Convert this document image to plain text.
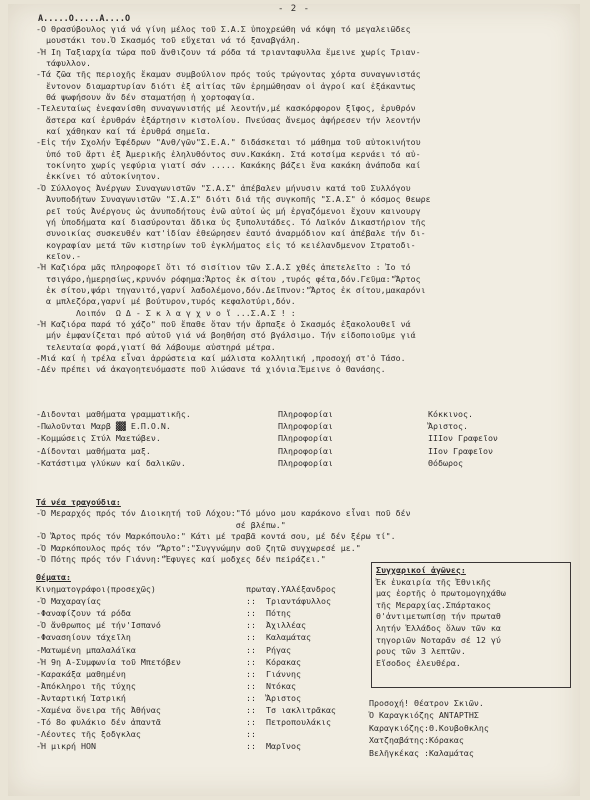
- 2 -
Α.....Ο.....Α....Ο

-Ο Θρασύβουλος γιά νά γίνη μέλος τοῦ Σ.Α.Σ ὑποχρεώθη νά κόψη τό μεγαλειῶδες

μουστάκι του.Ὁ Σκασμός τοῦ εὔχεται νά τό ξαναβγάλη.

-Ἡ Ιη Ταξιαρχία τώρα ποῦ ἄνθιζουν τά ρόδα τά τριανταφυλλα ἔμεινε χωρίς Τριαν-

τάφυλλον.

-Τά ζῶα τῆς περιοχῆς ἔκαμαν συμβούλιον πρός τούς τρώγοντας χόρτα συναγωνιστάς

ἔντονον διαμαρτυρίαν διότι ἐξ αἰτίας τῶν ἐρημώθησαν οἱ ἀγροί καί ἐξάκαντως

θά ψωφήσουν ἄν δέν σταματήσῃ ἡ χορτοφαγία.

-Τελευταίως ἐνεφανίσθη συναγωνιστής μέ λεοντήν,μέ κασκόρφορον ξῖφος, ἐρυθρόν

ἄστερα καί ἐρυθράν ἐξάρτησιν κιστολίου. Πνεύσας ἄνεμος ἀφήρεσεν τήν λεοντήν

καί χάθηκαν καί τά ἐρυθρά σημεῖα.

-Εἰς τήν Σχολήν Ἐφέδρων "Ανθ/γῶν"Σ.Ε.Α." διδάσκεται τό μάθημα τοῦ αὐτοκινήτου

ὑπό τοῦ ἄρτι ἐξ Ἀμερικῆς ἐληλυθόντος συν.Κακάκη. Στά κοτσίμα κερνάει τό αὐ-

τοκίνητο χωρίς γεφύρια γιατί σάν ..... Κακάκης βάζει ἕνα κακάκη ἀνάποδα καί

ἐκκίνει τό αὐτοκίνητον.

-Ὁ Σύλλογος Ἀνέργων Συναγωνιστῶν "Σ.Α.Σ" ἀπέβαλεν μήνυσιν κατά τοῦ Συλλόγου

Ἀνυποδήτων Συναγωνιστῶν "Σ.Α.Σ" διότι διά τῆς συγκοπῆς "Σ.Α.Σ" ὁ κόσμος θεωρε

ρεῖ τούς Ἀνέργους ὡς ἀνυποδήτους ἐνῶ αὐτοί ὡς μή ἐργαζόμενοι ἔχουν καινουργ

γή ὑποδήματα καί διασύρονται ἄδικα ὑς ξυπολυτάδες. Τό Λαϊκόν Δικαστήριον τῆς

συνοικίας συσκευθέν κατ'ἰδίαν ἐθεώρησεν ἑαυτό ἀναρμόδιον καί ἀπέβαλε τήν δι-

κογραφίαν μετά τῶν κιστηρίων τοῦ ἐγκλήματος εἰς τό κειέλανδμενον Στρατοδι-

κεῖον.-

-Ἡ Καζιόρα μᾶς πληροφορεῖ ὅτι τό σισίτιον τῶν Σ.Α.Σ χθές ἀπετελεῖτο : Ἰο τό

τσιγάρο,ἠμερησίως,κρυνόν ρόφημα:Ἄρτος ἐκ σίτου ,τυρός φέτα,δόν.Γεῦμα:"Ἄρτος

ἐκ σίτου,ψάρι τηγανιτό,γαρνί λαδολέμονο,δόν.Δεῖπνον:"Ἄρτος ἐκ σίτου,μακαρόνι

α μπλεζόρα,γαρνί μέ βούτυρον,τυρός κεφαλοτύρι,δόν.

Λοιπόν  Ω Δ - Σ κ λ α γ χ ν ο ἵ ...Σ.Α.Σ ! :

-Ἡ Καζιόρα παρά τό χάζο" ποῦ ἔπαθε ὅταν τήν ἄρπαξε ὁ Σκασμός ἐξακολουθεῖ νά

μήν ἐμφανίζεται πρό αὐτοῦ γιά νά βοηθήση στό βγάλσιμο. Τήν εἰδοποιοῦμε γιά

τελευταία φορά,γιατί θά λάβουμε αὐστηρά μέτρα.

-Μιά καί ἡ τρέλα εἶναι ἀρρώστεια καί μάλιστα κολλητική ,προσοχή στ'ὁ Τάσο.

-Δέν πρέπει νά ἀκαγοητευόμαστε ποῦ λιώσανε τά χιόνια.Ἔμεινε ὁ Θανάσης.

-Διδονται μαθήματα γραμματικῆς.	Πληροφορίαι	Κόκκινος.
-Πωλοῦνται Μαρβ ▓▓ Ε.Π.Ο.Ν.	Πληροφορίαι	Ἄριστος.
-Κομμώσεις Στύλ Μαετώβεν.	Πληροφορίαι	ΙΙΙον Γραφεῖον
-Δίδονται μαθήματα μαξ.	Πληροφορίαι	ΙΙον Γραφεῖον
-Κατάστιμα γλύκων καί δαλικῶν.	Πληροφορίαι	Θόδωρος

Τά νέα τραγούδια:

-Ὁ Μεραρχός πρός τόν Διοικητή τοῦ Λόχου:"Τό μόνο μου καράκονο εἶναι ποῦ δέν

σέ βλέπω."

-Ὁ Ἄρτος πρός τόν Μαρκόπουλο:" Κάτι μέ τραβᾶ κοντά σου, μέ δέν ξέρω τί".

-Ὁ Μαρκόπουλος πρός τόν "Ἄρτο":"Συγγνώμην σοῦ ζητῶ συγχωρεσέ με."

-Ὁ Πότης πρός τόν Γιάννη:"Ἔφυγες καί μοδχες δέν πεiράζει."

Θέματα:
Κινηματογράφοι(προσεχῶς)	πρωταγ.ΥΑλέξανδρος
-Ὁ Μαχαραγίας	::	Τριαντάφυλλος
-Φαναφίζουν τά ρόδα	::	Πότης
-Ὁ ἄνθρωπος μέ τήν'Ισπανό	::	Ἀχιλλέας
-Φανασηίουν τάχεῖλη	::	Καλαμάτας
-Ματωμένη μπαλαλάϊκα	::	Ρήγας
-Ἡ 9η Α-Συμφωνία τοῦ Μπετόβεν	::	Κόρακας
-Καρακάξα μαθημένη	::	Γιάννης
-Ἀπόκληροι τῆς τύχης	::	Ντόκας
-Ἀνταρτική Ἰατρική	::	Ἄριστος
-Χαμένα ὄνειρα τῆς Ἀθήνας	::	Τσ ιακλιτρᾶκας
-Τό 8ο φυλάκιο δέν ἀπαντᾶ	::	Πετροπουλάκις
-Λέοντες τῆς ξοδγκλας	::
-Ἡ μικρή ΗΟΝ	::	Μαρῖνος

Συγχαρικοί ἀγῶνες:

Ἐκ ἐυκαιρία τῆς Ἐθνικῆς

μας ἑορτῆς ὁ πρωτομογηχάθω

τῆς Μεραρχίας.Σπάρτακος

θ'ἀντιμετωπίσῃ τήν πρωταθ

λητήν Ἑλλάδος ὅλων τῶν κα

τηγοριῶν Νοταρᾶν σέ 12 γύ

ρους τῶν 3 λεπτῶν.

Εἴσοδος ἐλευθέρα.

Προσοχή! Θέατρον Σκιῶν.

Ὁ Καραγκιόζης ΑΝΤΑΡΤΗΣ

Καραγκιόζης:Θ.Κουβοθκλης

Χατζηαβάτης:Κόρακας

Βελῆγκέκας :Καλαμάτας
